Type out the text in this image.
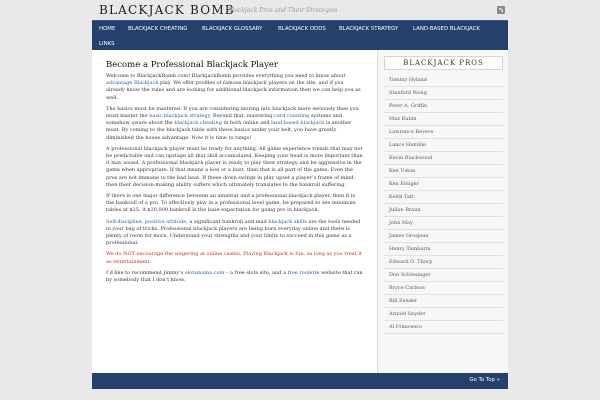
BLACKJACK BOMB
Blackjack Pros and Their Strategies
HOME BLACKJACK CHEATING	BLACKJACK GLOSSARY	BLACKJACK ODDS BLACKJACK STRATEGY	LAND-BASED BLACKJACK
LINKS
Become a Professional Blackjack Player

Welcome to BlackjackBomb.com! BlackjackBomb provides everything you need to know about advantage Blackjack play. We offer profiles of famous blackjack players on the site, and if you already know the rules and are looking for additional blackjack information then we can help you as well.

The basics must be mastered. If you are considering moving into blackjack more seriously then you must master the basic blackjack strategy. Beyond that, mastering card counting systems and somehow aware about the blackjack cheating in both online and land-based blackjack is another must. By coming to the blackjack table with these basics under your belt, you have greatly diminished the house advantage. Now it is time to tango!

A professional blackjack player must be ready for anything. All game experience trends that may not be predictable and can upstage all that skill accumulated. Keeping your head is more important than it may sound. A professional blackjack player is ready to play their strategy and be aggressive in the game when appropriate. If that means a loss or a bust, then that is all part of the game. Even the pros are not immune to the bad beat. If these down swings in play upset a player’s frame of mind, then their decision-making ability suffers which ultimately translates to the bankroll suffering.

If there is one major difference between an amateur and a professional blackjack player, then it is the bankroll of a pro. To effectively play in a professional level game, be prepared to see minimum tables at $25. A $20,000 bankroll is the base expectation for going pro in blackjack.

Self-discipline, positive attitude, a significant bankroll and mad blackjack skills are the tools needed in your bag of tricks. Professional blackjack players are being born everyday online and there is plenty of room for more. Understand your strengths and your limits to succeed in this game as a professional.

We do NOT encourage the wagering at online casino, Playing Blackjack is fun, as long as you treat it as entertainment.

I’d like to recommend Jimmy’s slotsmama.com – a free slots site, and a free roulette website that ran by somebody that I don’t know.

BLACKJACK PROS
Tommy Hyland
Stanford Wong
Peter A. Griffin
Max Rubin
Lawrence Revere
Lance Humble
Kevin Blackwood
Ken Uston
Ken Einiger
Keith Taft
Julian Braun
John May
James Grosjean
Henry Tamburin
Edward O. Thorp
Don Schlesinger
Bryce Carlson
Bill Zender
Arnold Snyder
Al Francesco
Go To Top »
